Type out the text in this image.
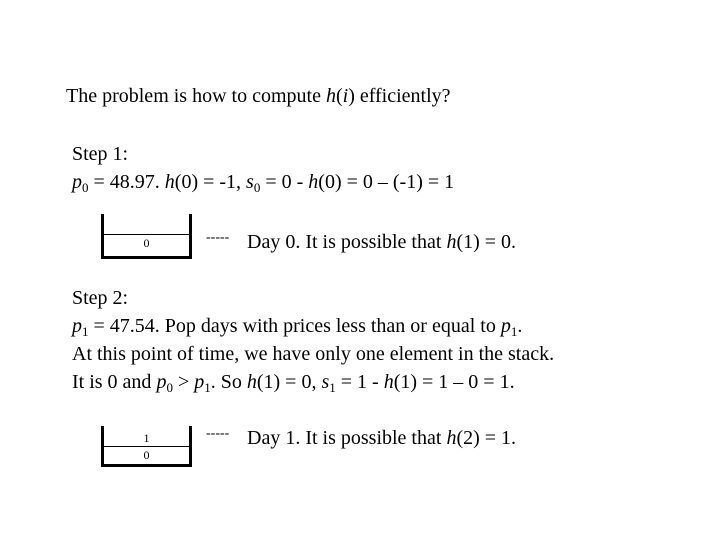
The problem is how to compute h(i) efficiently?
Step 1:
$p_0 = 48.97$. h(0) = -1, $s_0 = 0 - h(0) = 0 - (-1) = 1$
0	----- Day 0. It is possible that h(1) = 0.
Step 2:
$p_1 = 47.54$. Pop days with prices less than or equal to $p_1$.
At this point of time, we have only one element in the stack.
It is 0 and $p_0 > p_1$. So h(1) = 0, $s_1 = 1 - h(1) = 1 - 0 = 1$.
1
0
----- Day 1. It is possible that h(2) = 1.
